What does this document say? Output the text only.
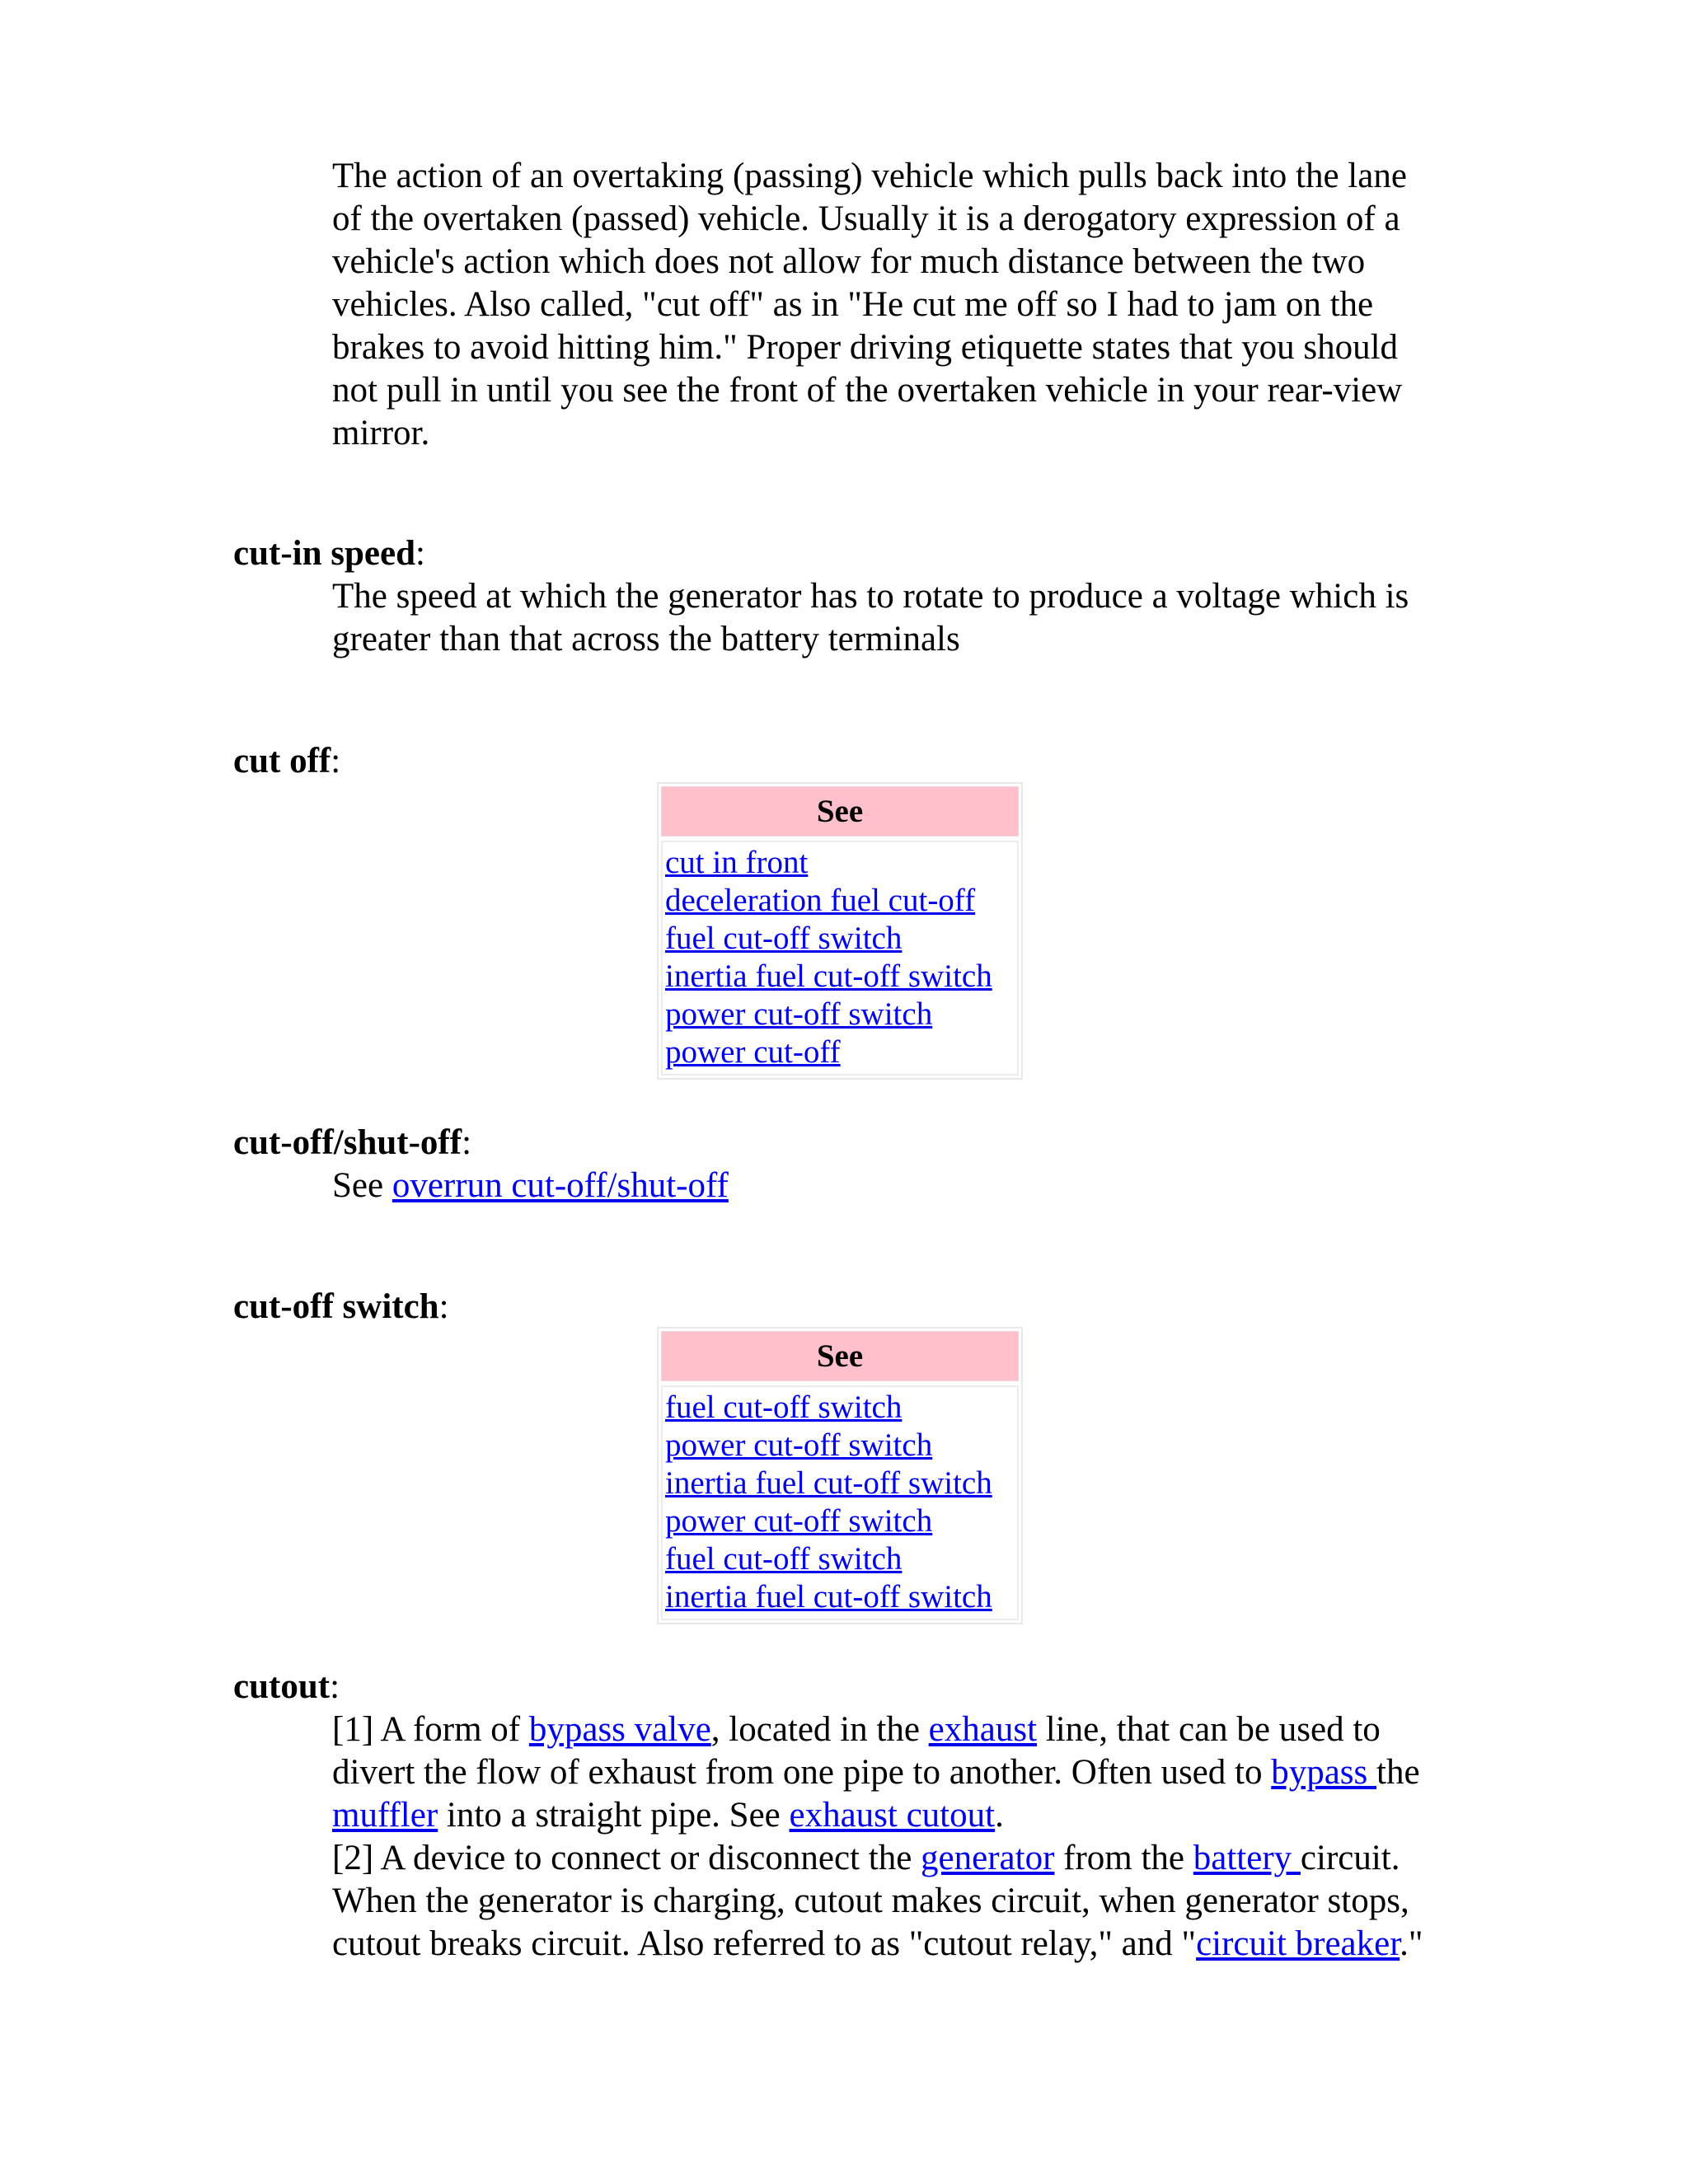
The action of an overtaking (passing) vehicle which pulls back into the lane of the overtaken (passed) vehicle. Usually it is a derogatory expression of a vehicle's action which does not allow for much distance between the two vehicles. Also called, "cut off" as in "He cut me off so I had to jam on the brakes to avoid hitting him." Proper driving etiquette states that you should not pull in until you see the front of the overtaken vehicle in your rear-view mirror.
cut-in speed:
The speed at which the generator has to rotate to produce a voltage which is greater than that across the battery terminals
cut off:
See
cut in front
deceleration fuel cut-off
fuel cut-off switch
inertia fuel cut-off switch
power cut-off switch
power cut-off
cut-off/shut-off:
See overrun cut-off/shut-off
cut-off switch:
See
fuel cut-off switch
power cut-off switch
inertia fuel cut-off switch
power cut-off switch
fuel cut-off switch
inertia fuel cut-off switch
cutout:
[1] A form of bypass valve, located in the exhaust line, that can be used to divert the flow of exhaust from one pipe to another. Often used to bypass the muffler into a straight pipe. See exhaust cutout.
[2] A device to connect or disconnect the generator from the battery circuit. When the generator is charging, cutout makes circuit, when generator stops, cutout breaks circuit. Also referred to as "cutout relay," and "circuit breaker."
